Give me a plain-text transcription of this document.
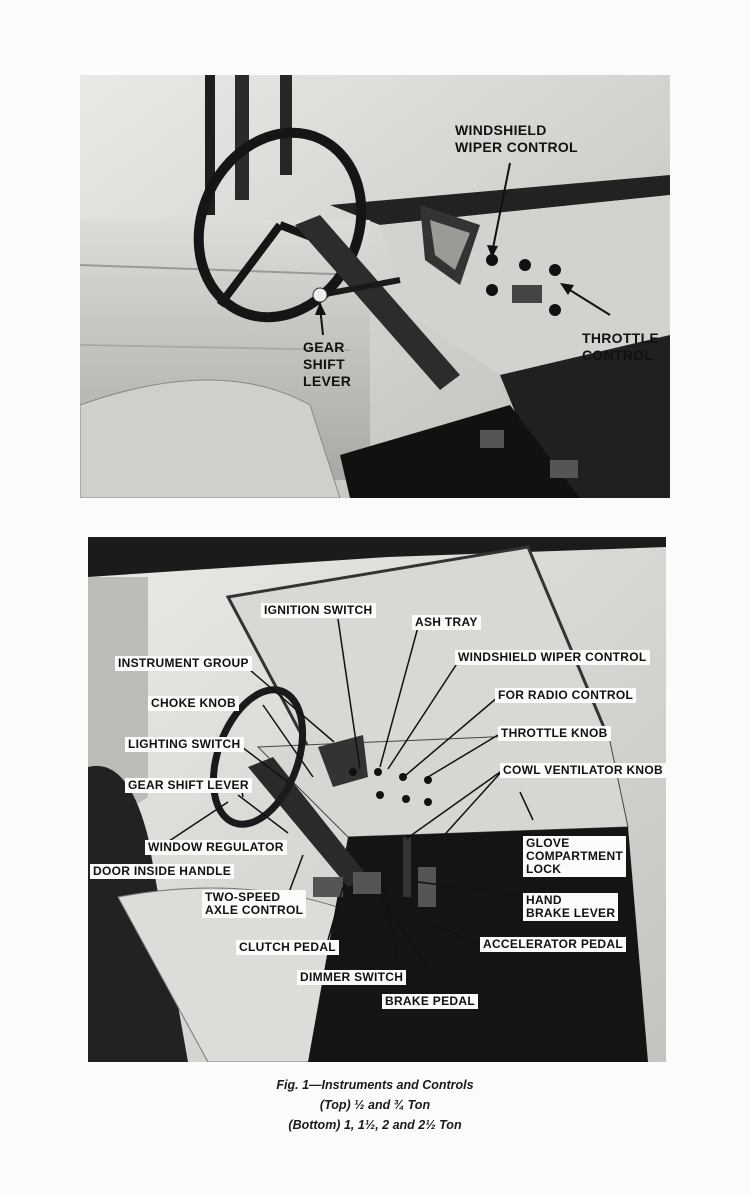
WINDSHIELD
WIPER CONTROL
GEAR
SHIFT
LEVER
THROTTLE
CONTROL
IGNITION SWITCH
ASH TRAY
INSTRUMENT GROUP	WINDSHIELD WIPER CONTROL
FOR RADIO CONTROL
CHOKE KNOB
THROTTLE KNOB
LIGHTING SWITCH
COWL VENTILATOR KNOB
GEAR SHIFT LEVER
WINDOW REGULATOR
DOOR INSIDE HANDLE
GLOVE
COMPARTMENT
LOCK
TWO-SPEED
AXLE CONTROL
HAND
BRAKE LEVER
CLUTCH PEDAL	ACCELERATOR PEDAL
DIMMER SWITCH
BRAKE PEDAL
Fig. 1—Instruments and Controls
(Top) ½ and ¾ Ton
(Bottom) 1, 1½, 2 and 2½ Ton
